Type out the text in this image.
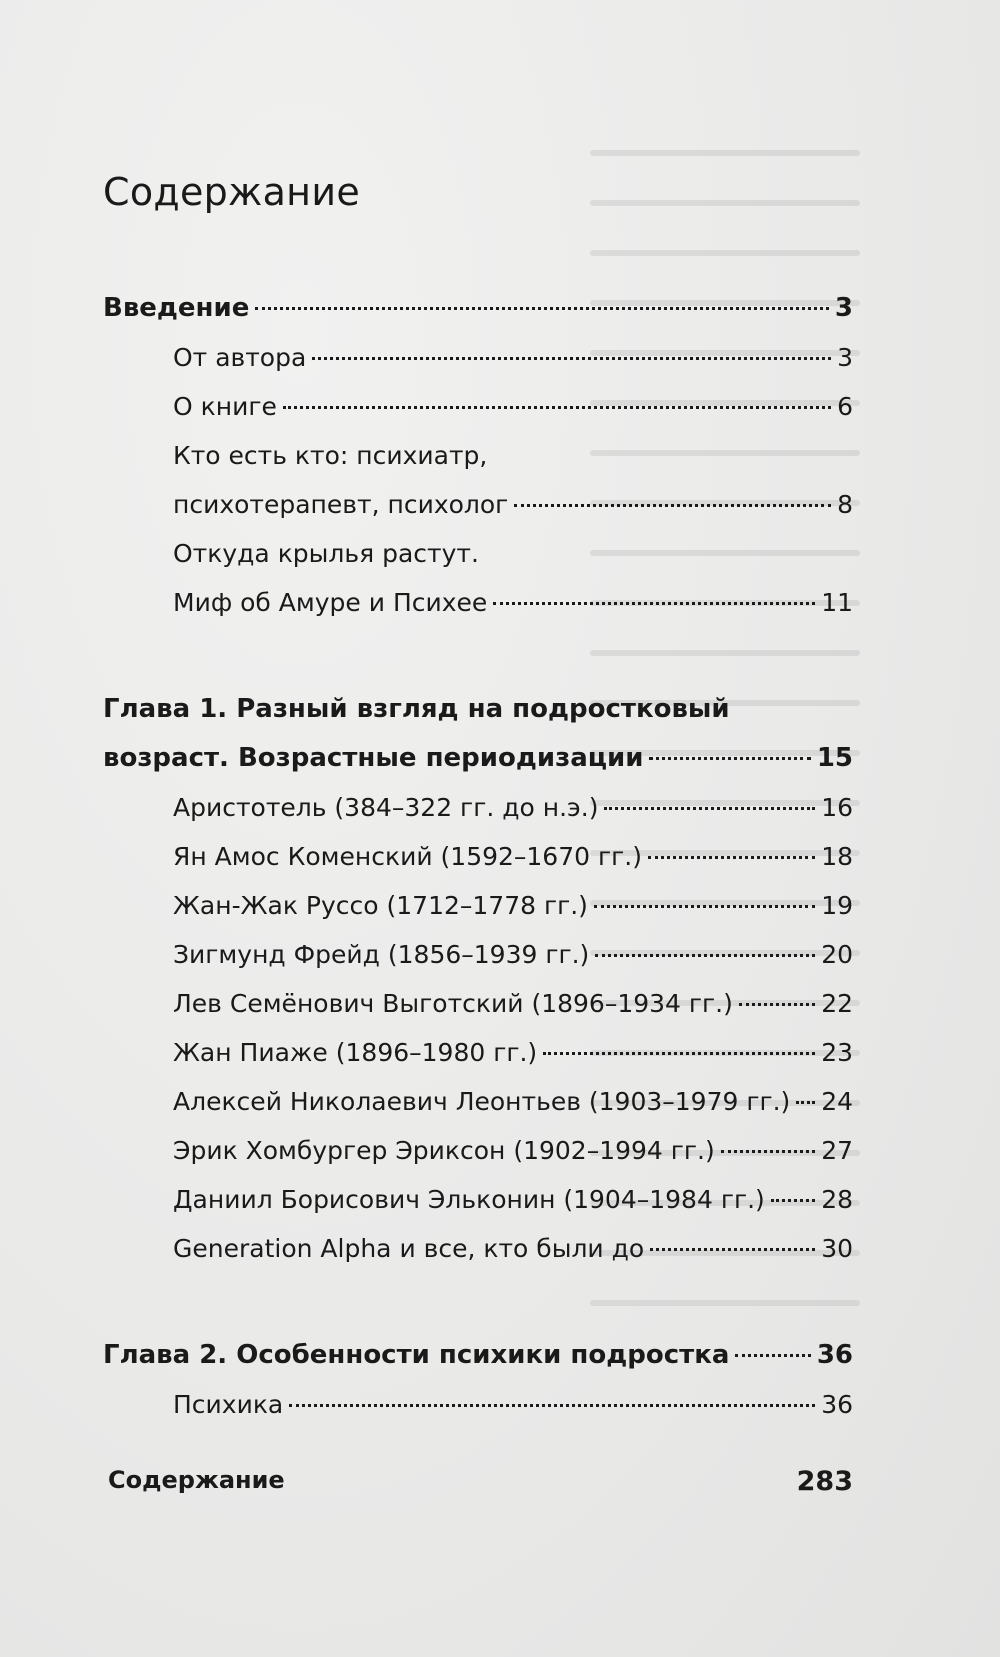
Содержание
Введение	3
От автора	3
О книге	6
Кто есть кто: психиатр,
психотерапевт, психолог	8
Откуда крылья растут.
Миф об Амуре и Психее	11
Глава 1. Разный взгляд на подростковый
возраст. Возрастные периодизации	15
Аристотель (384–322 гг. до н.э.)	16
Ян Амос Коменский (1592–1670 гг.)	18
Жан-Жак Руссо (1712–1778 гг.)	19
Зигмунд Фрейд (1856–1939 гг.)	20
Лев Семёнович Выготский (1896–1934 гг.)	22
Жан Пиаже (1896–1980 гг.)	23
Алексей Николаевич Леонтьев (1903–1979 гг.) 24
Эрик Хомбургер Эриксон (1902–1994 гг.)	27
Даниил Борисович Эльконин (1904–1984 гг.) 28
Generation Alpha и все, кто были до	30
Глава 2. Особенности психики подростка	36
Психика	36
Содержание	283
